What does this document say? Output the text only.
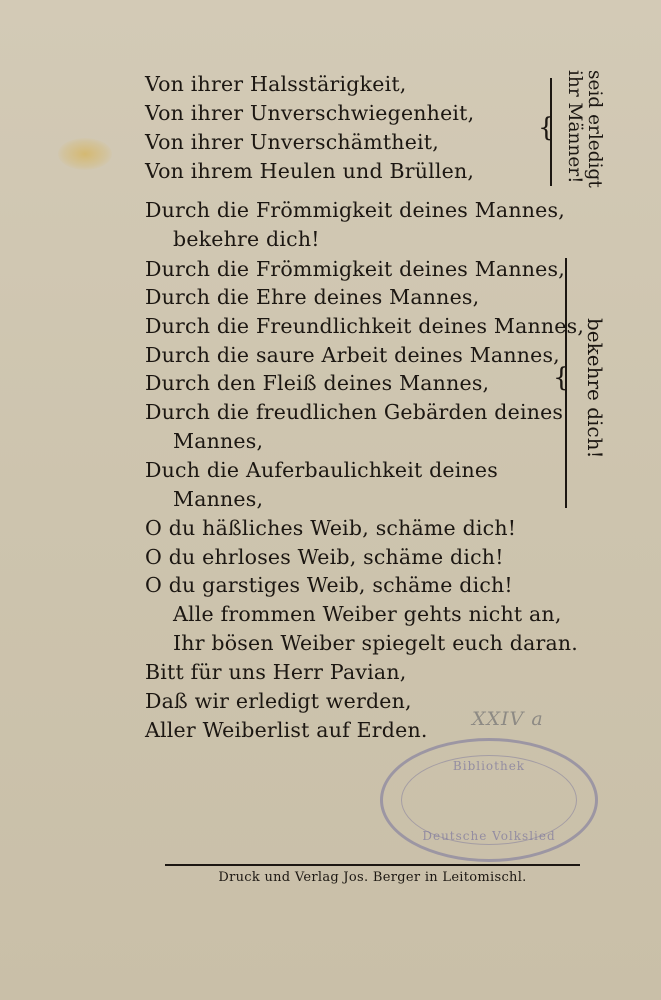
Von ihrer Halsstärigkeit,
Von ihrer Unverschwiegenheit,
Von ihrer Unverschämtheit,
Von ihrem Heulen und Brüllen,
Durch die Frömmigkeit deines Mannes,
bekehre dich!
Durch die Frömmigkeit deines Mannes,
Durch die Ehre deines Mannes,
Durch die Freundlichkeit deines Mannes,
Durch die saure Arbeit deines Mannes,
Durch den Fleiß deines Mannes,
Durch die freudlichen Gebärden deines
Mannes,
Duch die Auferbaulichkeit deines
Mannes,
O du häßliches Weib, schäme dich!
O du ehrloses Weib, schäme dich!
O du garstiges Weib, schäme dich!
Alle frommen Weiber gehts nicht an,
Ihr bösen Weiber spiegelt euch daran.
Bitt für uns Herr Pavian,
Daß wir erledigt werden,
Aller Weiberlist auf Erden.
{ seid erledigt
ihr Männer!
{ bekehre dich!
XXIV a
Bibliothek
Deutsche Volkslied
Druck und Verlag Jos. Berger in Leitomischl.
